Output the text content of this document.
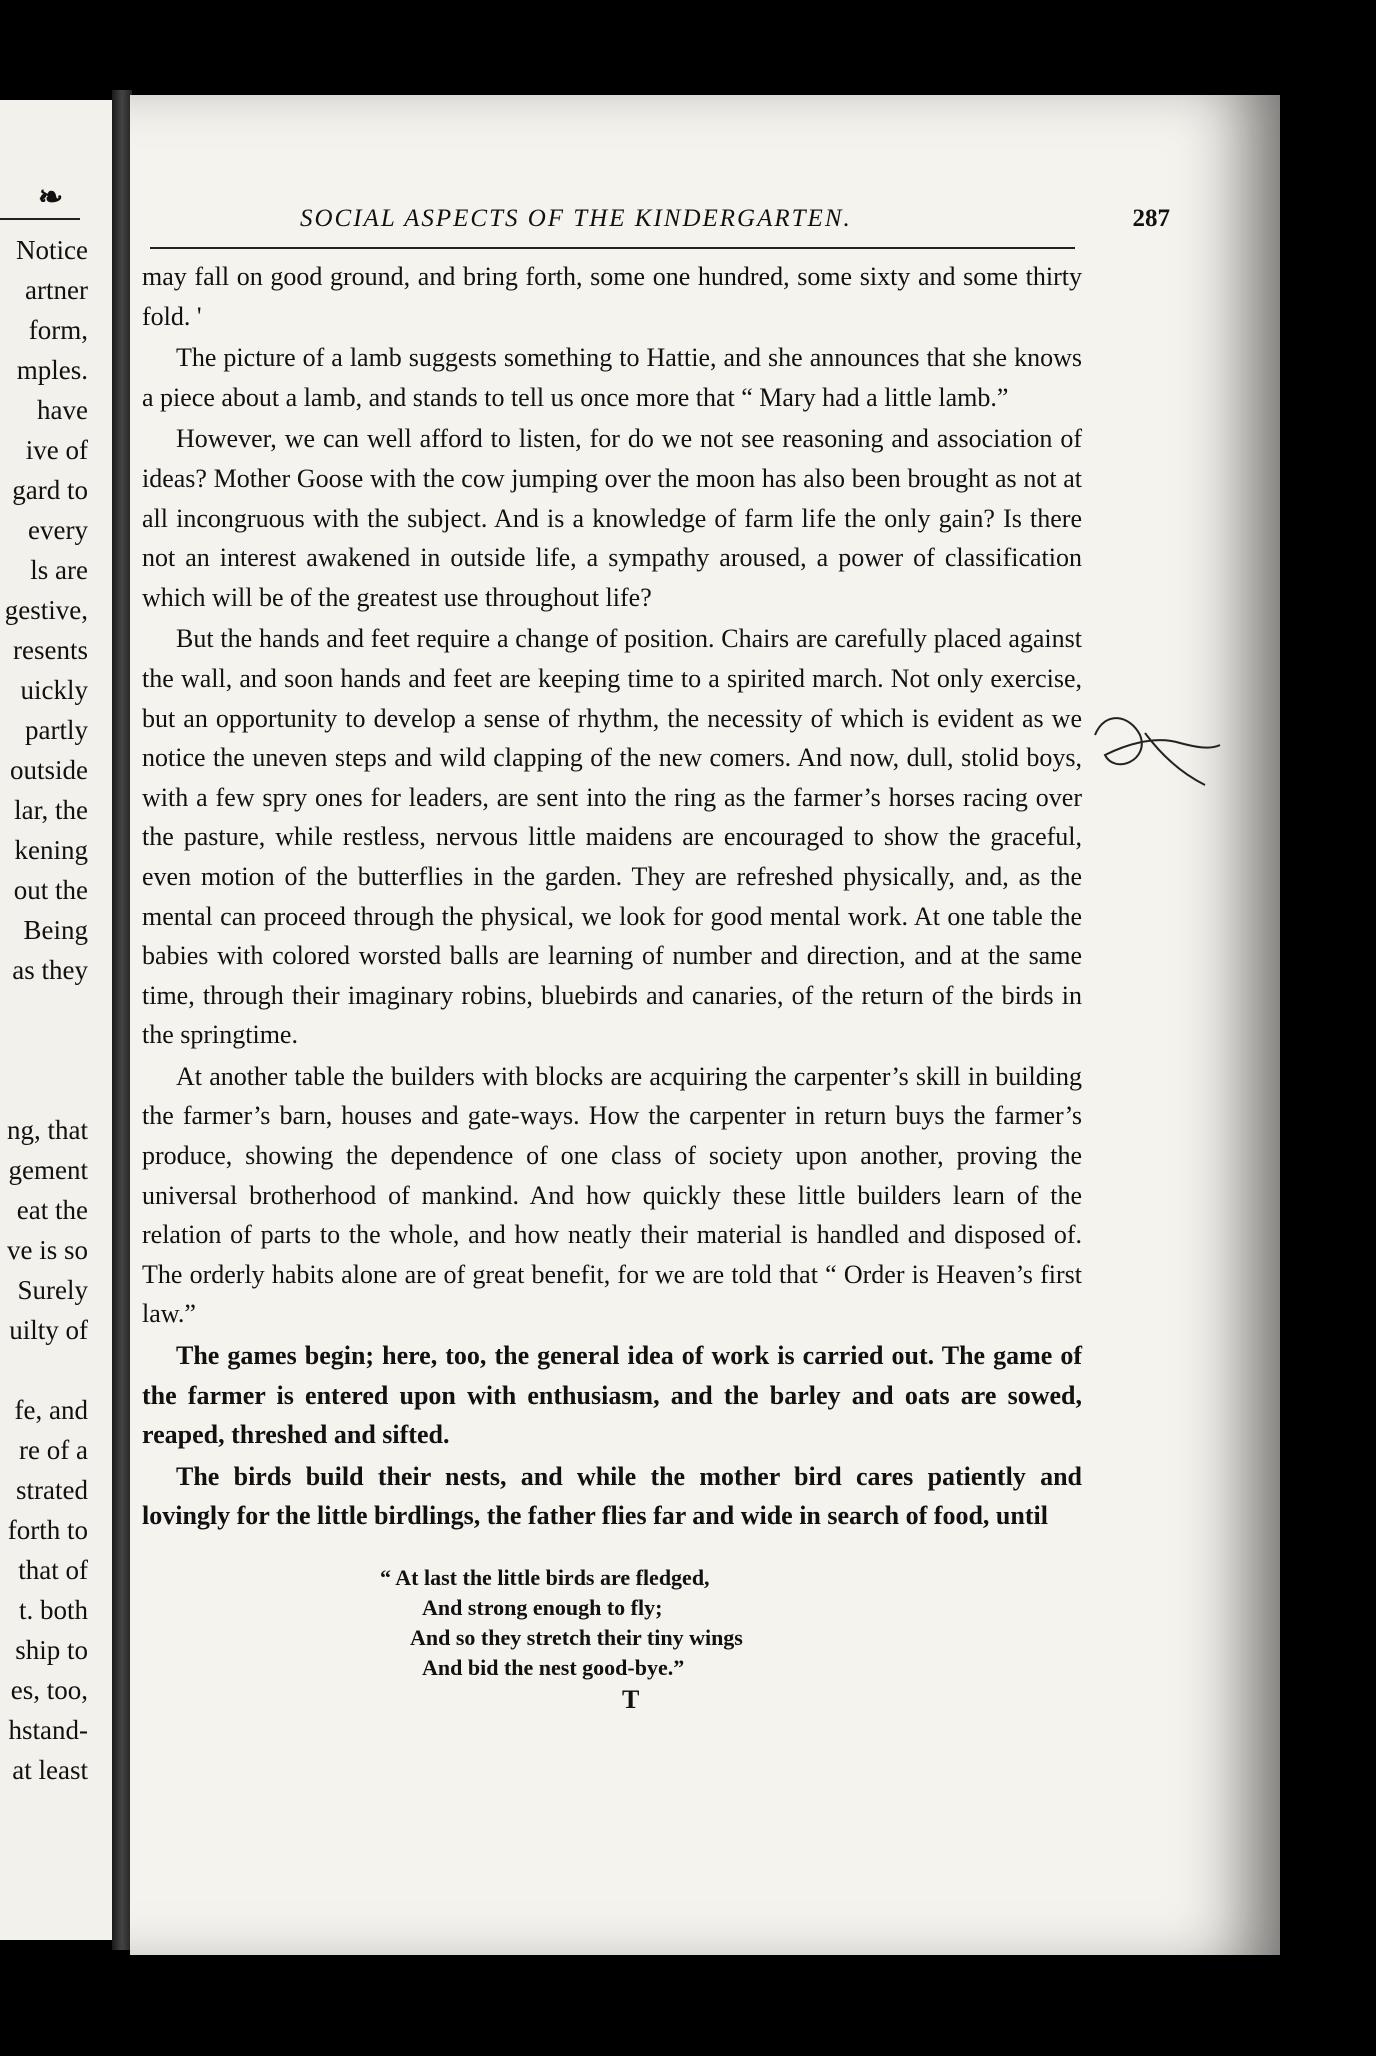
❧
Notice
artner
form,
mples.
have
ive of
gard to
every
ls are
gestive,
resents
uickly
partly
outside
lar, the
kening
out the
Being
as they
ng, that
gement
eat the
ve is so
Surely
uilty of
fe, and
re of a
strated
forth to
that of
t. both
ship to
es, too,
hstand-
at least
SOCIAL ASPECTS OF THE KINDERGARTEN.	287

may fall on good ground, and bring forth, some one hundred, some sixty and some thirty fold. '

The picture of a lamb suggests something to Hattie, and she announces that she knows a piece about a lamb, and stands to tell us once more that “ Mary had a little lamb.”

However, we can well afford to listen, for do we not see reasoning and association of ideas? Mother Goose with the cow jumping over the moon has also been brought as not at all incongruous with the subject. And is a knowledge of farm life the only gain? Is there not an interest awakened in outside life, a sympathy aroused, a power of classification which will be of the greatest use throughout life?

But the hands and feet require a change of position. Chairs are carefully placed against the wall, and soon hands and feet are keeping time to a spirited march. Not only exercise, but an opportunity to develop a sense of rhythm, the necessity of which is evident as we notice the uneven steps and wild clapping of the new comers. And now, dull, stolid boys, with a few spry ones for leaders, are sent into the ring as the farmer’s horses racing over the pasture, while restless, nervous little maidens are encouraged to show the graceful, even motion of the butterflies in the garden. They are refreshed physically, and, as the mental can proceed through the physical, we look for good mental work. At one table the babies with colored worsted balls are learning of number and direction, and at the same time, through their imaginary robins, bluebirds and canaries, of the return of the birds in the springtime.

At another table the builders with blocks are acquiring the carpenter’s skill in building the farmer’s barn, houses and gate-ways. How the carpenter in return buys the farmer’s produce, showing the dependence of one class of society upon another, proving the universal brotherhood of mankind. And how quickly these little builders learn of the relation of parts to the whole, and how neatly their material is handled and disposed of. The orderly habits alone are of great benefit, for we are told that “ Order is Heaven’s first law.”

The games begin; here, too, the general idea of work is carried out. The game of the farmer is entered upon with enthusiasm, and the barley and oats are sowed, reaped, threshed and sifted.

The birds build their nests, and while the mother bird cares patiently and lovingly for the little birdlings, the father flies far and wide in search of food, until

“ At last the little birds are fledged,
And strong enough to fly;
And so they stretch their tiny wings
And bid the nest good-bye.”
T
